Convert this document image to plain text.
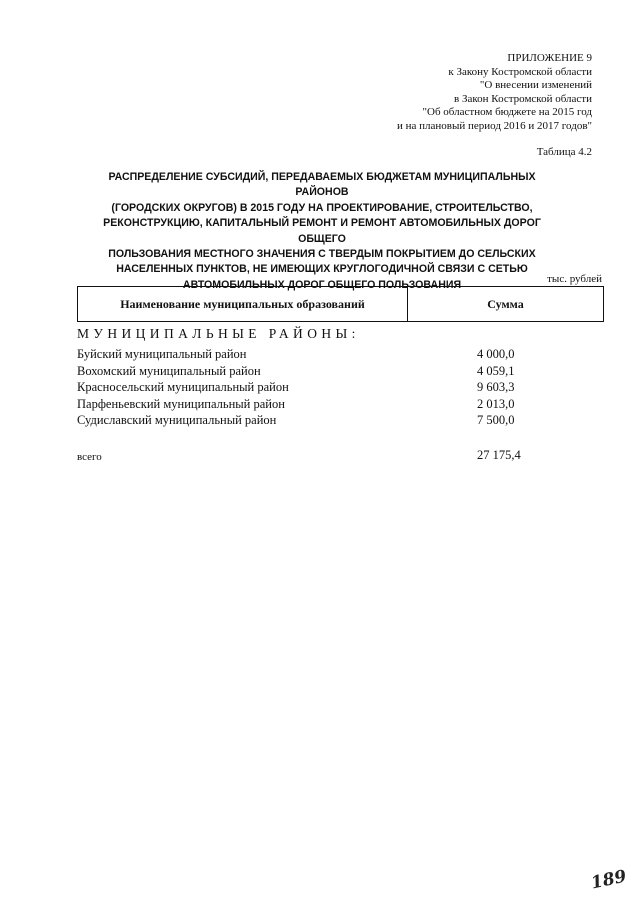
ПРИЛОЖЕНИЕ 9
к Закону Костромской области
"О внесении изменений
в Закон Костромской области
"Об областном бюджете на 2015 год
и на плановый период 2016 и 2017 годов"
Таблица 4.2
РАСПРЕДЕЛЕНИЕ СУБСИДИЙ, ПЕРЕДАВАЕМЫХ БЮДЖЕТАМ МУНИЦИПАЛЬНЫХ РАЙОНОВ
(ГОРОДСКИХ ОКРУГОВ) В 2015 ГОДУ НА ПРОЕКТИРОВАНИЕ, СТРОИТЕЛЬСТВО,
РЕКОНСТРУКЦИЮ, КАПИТАЛЬНЫЙ РЕМОНТ И РЕМОНТ АВТОМОБИЛЬНЫХ ДОРОГ ОБЩЕГО
ПОЛЬЗОВАНИЯ МЕСТНОГО ЗНАЧЕНИЯ С ТВЕРДЫМ ПОКРЫТИЕМ ДО СЕЛЬСКИХ
НАСЕЛЕННЫХ ПУНКТОВ, НЕ ИМЕЮЩИХ КРУГЛОГОДИЧНОЙ СВЯЗИ С СЕТЬЮ
АВТОМОБИЛЬНЫХ ДОРОГ ОБЩЕГО ПОЛЬЗОВАНИЯ	тыс. рублей
Наименование муниципальных образований	Сумма
МУНИЦИПАЛЬНЫЕ РАЙОНЫ:
Буйский муниципальный район	4 000,0
Вохомский муниципальный район	4 059,1
Красносельский муниципальный район	9 603,3
Парфеньевский муниципальный район	2 013,0
Судиславский муниципальный район	7 500,0
всего	27 175,4
189
